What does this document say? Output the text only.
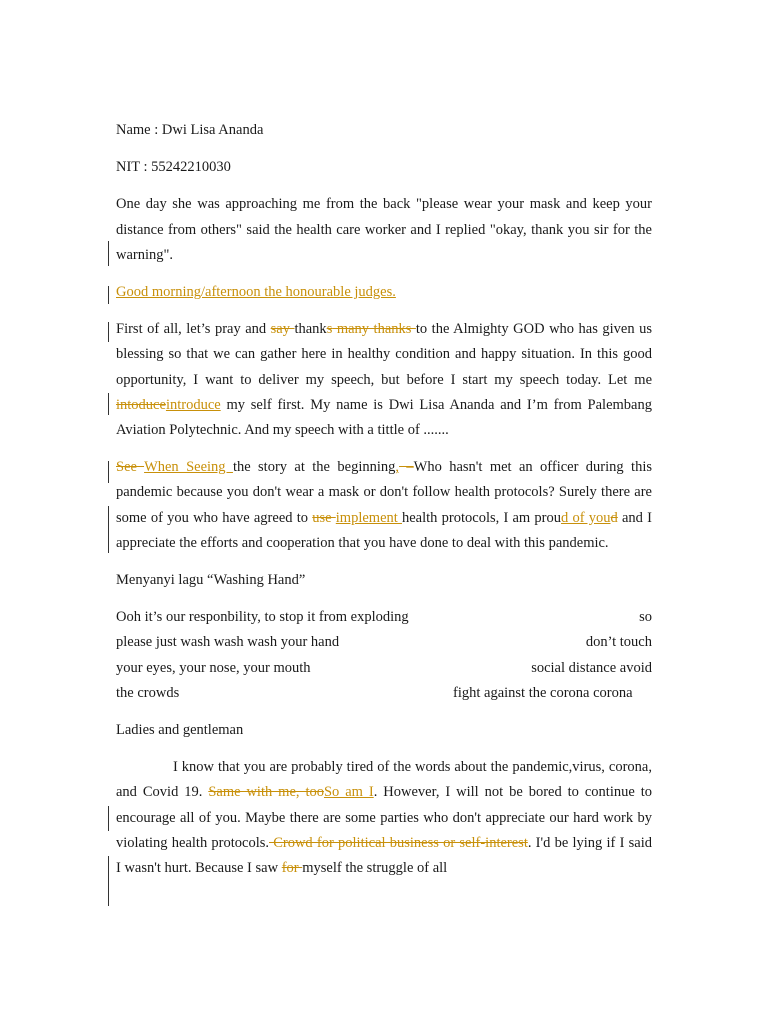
Name : Dwi Lisa Ananda

NIT : 55242210030

One day she was approaching me from the back "please wear your mask and keep your distance from others" said the health care worker and I replied "okay, thank you sir for the warning".

Good morning/afternoon the honourable judges.

First of all, let’s pray and say thanks many thanks to the Almighty GOD who has given us blessing so that we can gather here in healthy condition and happy situation. In this good opportunity, I want to deliver my speech, but before I start my speech today. Let me intoduceintroduce my self first. My name is Dwi Lisa Ananda and I’m from Palembang Aviation Polytechnic. And my speech with a tittle of .......

See When Seeing the story at the beginning, –Who hasn't met an officer during this pandemic because you don't wear a mask or don't follow health protocols? Surely there are some of you who have agreed to use implement health protocols, I am proud of youd and I appreciate the efforts and cooperation that you have done to deal with this pandemic.

Menyanyi lagu “Washing Hand”

Ooh it’s our responbility, to stop it from exploding	so
please just wash wash wash your hand	don’t touch
your eyes, your nose, your mouth	social distance avoid
the crowds	fight against the corona corona

Ladies and gentleman

I know that you are probably tired of the words about the pandemic,virus, corona, and Covid 19. Same with me, tooSo am I. However, I will not be bored to continue to encourage all of you. Maybe there are some parties who don't appreciate our hard work by violating health protocols. Crowd for political business or self-interest. I'd be lying if I said I wasn't hurt. Because I saw for myself the struggle of all
